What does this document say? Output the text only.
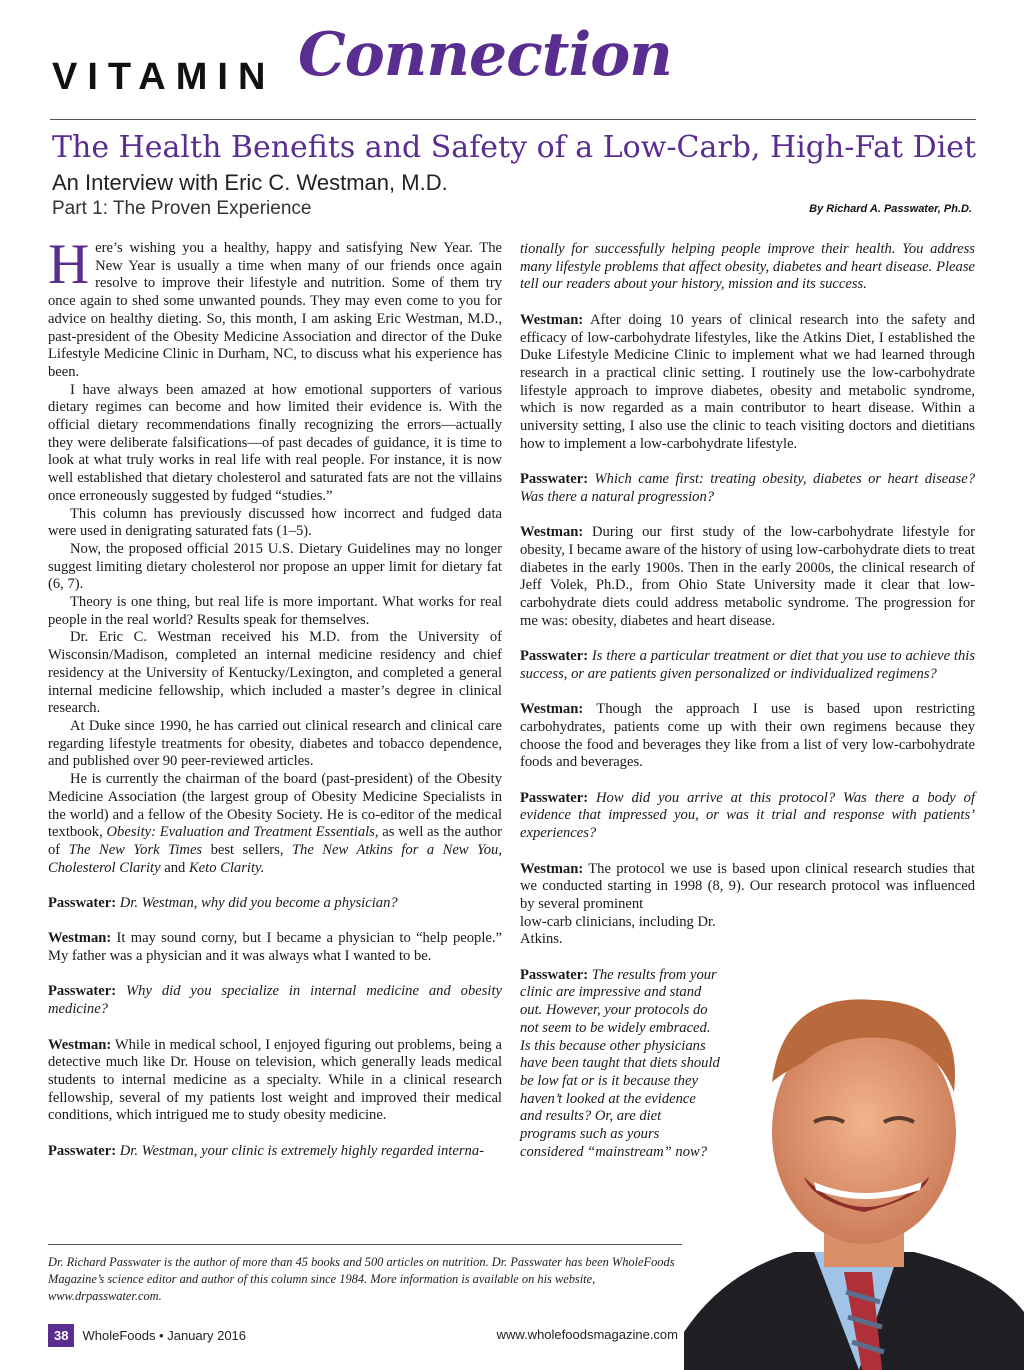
VITAMIN Connection
The Health Benefits and Safety of a Low-Carb, High-Fat Diet
An Interview with Eric C. Westman, M.D.
Part 1: The Proven Experience	By Richard A. Passwater, Ph.D.

Here’s wishing you a healthy, happy and satisfying New Year. The New Year is usually a time when many of our friends once again resolve to improve their lifestyle and nutrition. Some of them try once again to shed some unwanted pounds. They may even come to you for advice on healthy dieting. So, this month, I am asking Eric Westman, M.D., past-president of the Obesity Medicine Association and director of the Duke Lifestyle Medicine Clinic in Durham, NC, to discuss what his experience has been.

I have always been amazed at how emotional supporters of various dietary regimes can become and how limited their evidence is. With the official dietary recommendations finally recognizing the errors—actually they were deliberate falsifications—of past decades of guidance, it is time to look at what truly works in real life with real people. For instance, it is now well established that dietary cholesterol and saturated fats are not the villains once erroneously suggested by fudged “studies.”

This column has previously discussed how incorrect and fudged data were used in denigrating saturated fats (1–5).

Now, the proposed official 2015 U.S. Dietary Guidelines may no longer suggest limiting dietary cholesterol nor propose an upper limit for dietary fat (6, 7).

Theory is one thing, but real life is more important. What works for real people in the real world? Results speak for themselves.

Dr. Eric C. Westman received his M.D. from the University of Wisconsin/Madison, completed an internal medicine residency and chief residency at the University of Kentucky/Lexington, and completed a general internal medicine fellowship, which included a master’s degree in clinical research.

At Duke since 1990, he has carried out clinical research and clinical care regarding lifestyle treatments for obesity, diabetes and tobacco dependence, and published over 90 peer-reviewed articles.

He is currently the chairman of the board (past-president) of the Obesity Medicine Association (the largest group of Obesity Medicine Specialists in the world) and a fellow of the Obesity Society. He is co-editor of the medical textbook, Obesity: Evaluation and Treatment Essentials, as well as the author of The New York Times best sellers, The New Atkins for a New You, Cholesterol Clarity and Keto Clarity.

Passwater: Dr. Westman, why did you become a physician?

Westman: It may sound corny, but I became a physician to “help people.” My father was a physician and it was always what I wanted to be.

Passwater: Why did you specialize in internal medicine and obesity medicine?

Westman: While in medical school, I enjoyed figuring out problems, being a detective much like Dr. House on television, which generally leads medical students to internal medicine as a specialty. While in a clinical research fellowship, several of my patients lost weight and improved their medical conditions, which intrigued me to study obesity medicine.

Passwater: Dr. Westman, your clinic is extremely highly regarded interna-

tionally for successfully helping people improve their health. You address many lifestyle problems that affect obesity, diabetes and heart disease. Please tell our readers about your history, mission and its success.

Westman: After doing 10 years of clinical research into the safety and efficacy of low-carbohydrate lifestyles, like the Atkins Diet, I established the Duke Lifestyle Medicine Clinic to implement what we had learned through research in a practical clinic setting. I routinely use the low-carbohydrate lifestyle approach to improve diabetes, obesity and metabolic syndrome, which is now regarded as a main contributor to heart disease. Within a university setting, I also use the clinic to teach visiting doctors and dietitians how to implement a low-carbohydrate lifestyle.

Passwater: Which came first: treating obesity, diabetes or heart disease? Was there a natural progression?

Westman: During our first study of the low-carbohydrate lifestyle for obesity, I became aware of the history of using low-carbohydrate diets to treat diabetes in the early 1900s. Then in the early 2000s, the clinical research of Jeff Volek, Ph.D., from Ohio State University made it clear that low-carbohydrate diets could address metabolic syndrome. The progression for me was: obesity, diabetes and heart disease.

Passwater: Is there a particular treatment or diet that you use to achieve this success, or are patients given personalized or individualized regimens?

Westman: Though the approach I use is based upon restricting carbohydrates, patients come up with their own regimens because they choose the food and beverages they like from a list of very low-carbohydrate foods and beverages.

Passwater: How did you arrive at this protocol? Was there a body of evidence that impressed you, or was it trial and response with patients’ experiences?

Westman: The protocol we use is based upon clinical research studies that we conducted starting in 1998 (8, 9). Our research protocol was influenced by several prominent

low-carb clinicians, including Dr. Atkins.

Passwater: The results from your clinic are impressive and stand out. However, your protocols do not seem to be widely embraced. Is this because other physicians have been taught that diets should be low fat or is it because they haven’t looked at the evidence and results? Or, are diet programs such as yours considered “mainstream” now?

Dr. Richard Passwater is the author of more than 45 books and 500 articles on nutrition. Dr. Passwater has been WholeFoods Magazine’s science editor and author of this column since 1984. More information is available on his website, www.drpasswater.com.

38	WholeFoods • January 2016	www.wholefoodsmagazine.com
